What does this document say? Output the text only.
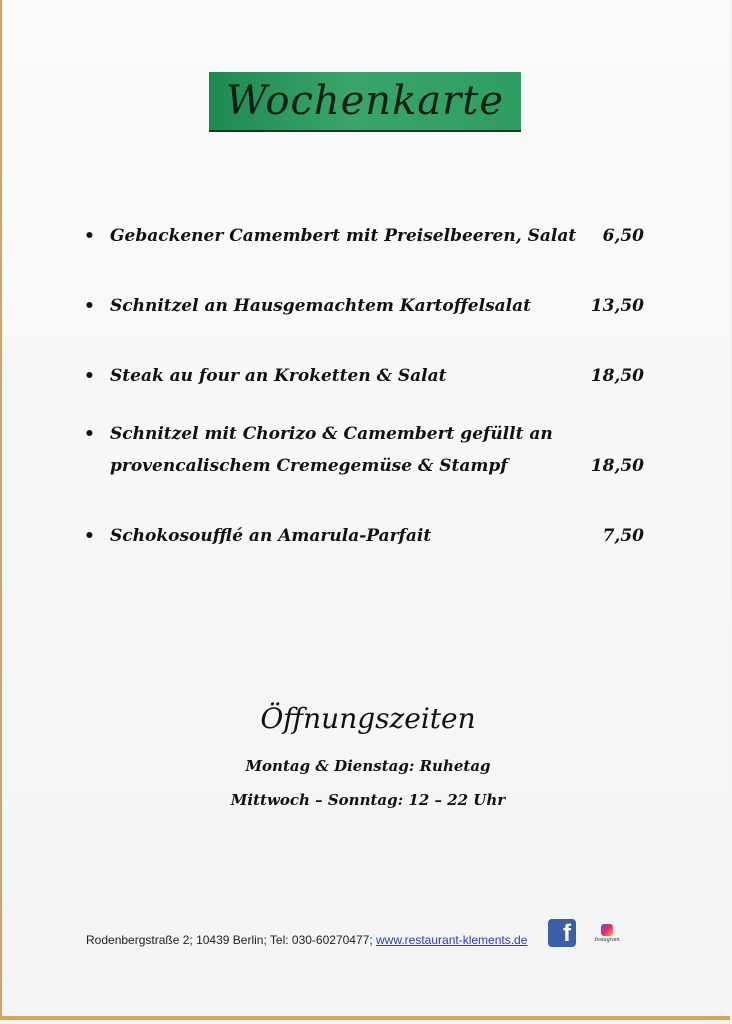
Wochenkarte
• Gebackener Camembert mit Preiselbeeren, Salat 6,50
• Schnitzel an Hausgemachtem Kartoffelsalat	13,50
• Steak au four an Kroketten & Salat	18,50
• Schnitzel mit Chorizo & Camembert gefüllt an
provencalischem Cremegemüse & Stampf	18,50
• Schokosoufflé an Amarula-Parfait	7,50
Öffnungszeiten
Montag & Dienstag: Ruhetag
Mittwoch – Sonntag: 12 – 22 Uhr
Rodenbergstraße 2; 10439 Berlin; Tel: 030-60270477; www.restaurant-klements.de f	Instagram
